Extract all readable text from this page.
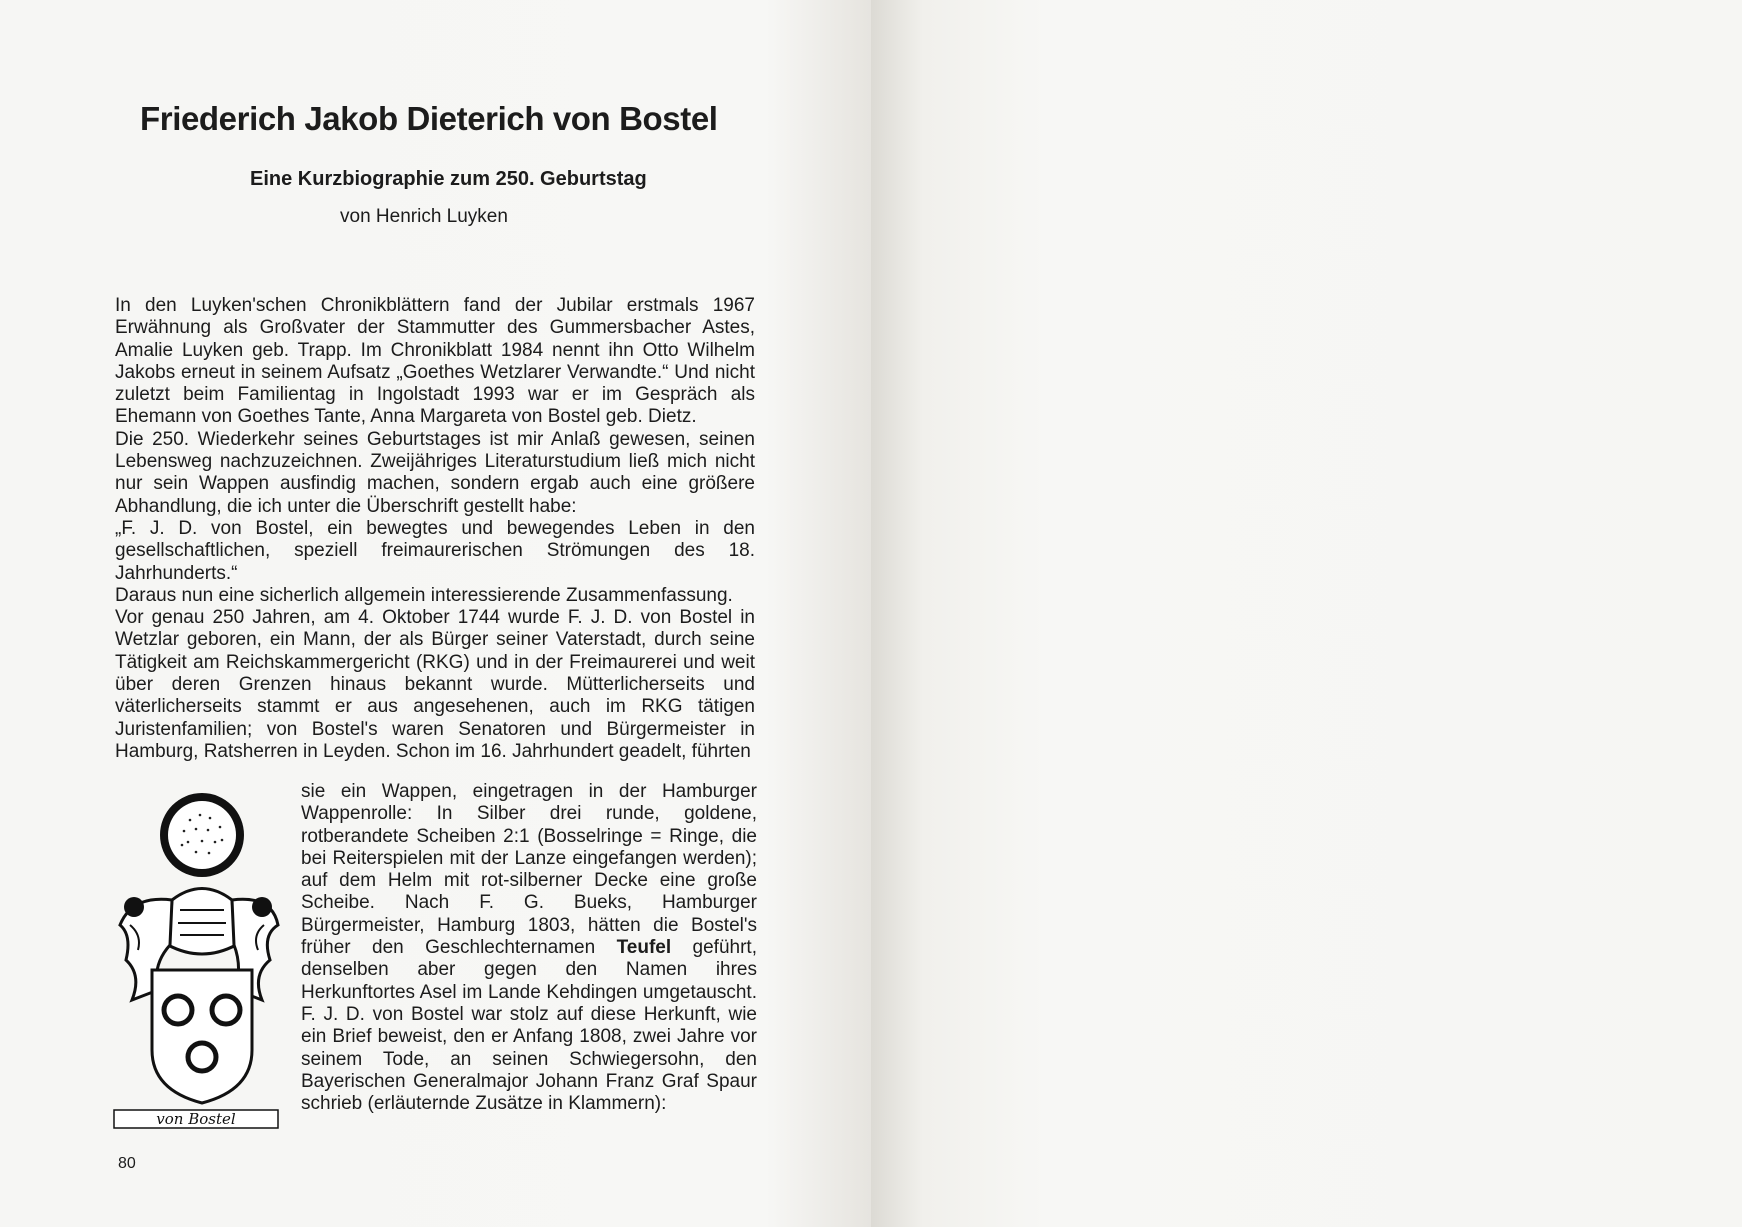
Friederich Jakob Dieterich von Bostel
Eine Kurzbiographie zum 250. Geburtstag
von Henrich Luyken

In den Luyken'schen Chronikblättern fand der Jubilar erstmals 1967 Erwähnung als Großvater der Stammutter des Gummersbacher Astes, Amalie Luyken geb. Trapp. Im Chronikblatt 1984 nennt ihn Otto Wilhelm Jakobs erneut in seinem Aufsatz „Goethes Wetzlarer Verwandte.“ Und nicht zuletzt beim Familientag in Ingolstadt 1993 war er im Gespräch als Ehemann von Goethes Tante, Anna Margareta von Bostel geb. Dietz.

Die 250. Wiederkehr seines Geburtstages ist mir Anlaß gewesen, seinen Lebensweg nachzuzeichnen. Zweijähriges Literaturstudium ließ mich nicht nur sein Wappen ausfindig machen, sondern ergab auch eine größere Abhandlung, die ich unter die Überschrift gestellt habe:

„F. J. D. von Bostel, ein bewegtes und bewegendes Leben in den gesellschaftlichen, speziell freimaurerischen Strömungen des 18. Jahrhunderts.“

Daraus nun eine sicherlich allgemein interessierende Zusammenfassung.

Vor genau 250 Jahren, am 4. Oktober 1744 wurde F. J. D. von Bostel in Wetzlar geboren, ein Mann, der als Bürger seiner Vaterstadt, durch seine Tätigkeit am Reichskammergericht (RKG) und in der Freimaurerei und weit über deren Grenzen hinaus bekannt wurde. Mütterlicherseits und väterlicherseits stammt er aus angesehenen, auch im RKG tätigen Juristenfamilien; von Bostel's waren Senatoren und Bürgermeister in Hamburg, Ratsherren in Leyden. Schon im 16. Jahrhundert geadelt, führten

von Bostel

sie ein Wappen, eingetragen in der Hamburger Wappenrolle: In Silber drei runde, goldene, rotberandete Scheiben 2:1 (Bosselringe = Ringe, die bei Reiterspielen mit der Lanze eingefangen werden); auf dem Helm mit rot-silberner Decke eine große Scheibe. Nach F. G. Bueks, Hamburger Bürgermeister, Hamburg 1803, hätten die Bostel's früher den Geschlechternamen Teufel geführt, denselben aber gegen den Namen ihres Herkunftortes Asel im Lande Kehdingen umgetauscht. F. J. D. von Bostel war stolz auf diese Herkunft, wie ein Brief beweist, den er Anfang 1808, zwei Jahre vor seinem Tode, an seinen Schwiegersohn, den Bayerischen Generalmajor Johann Franz Graf Spaur schrieb (erläuternde Zusätze in Klammern):

80
